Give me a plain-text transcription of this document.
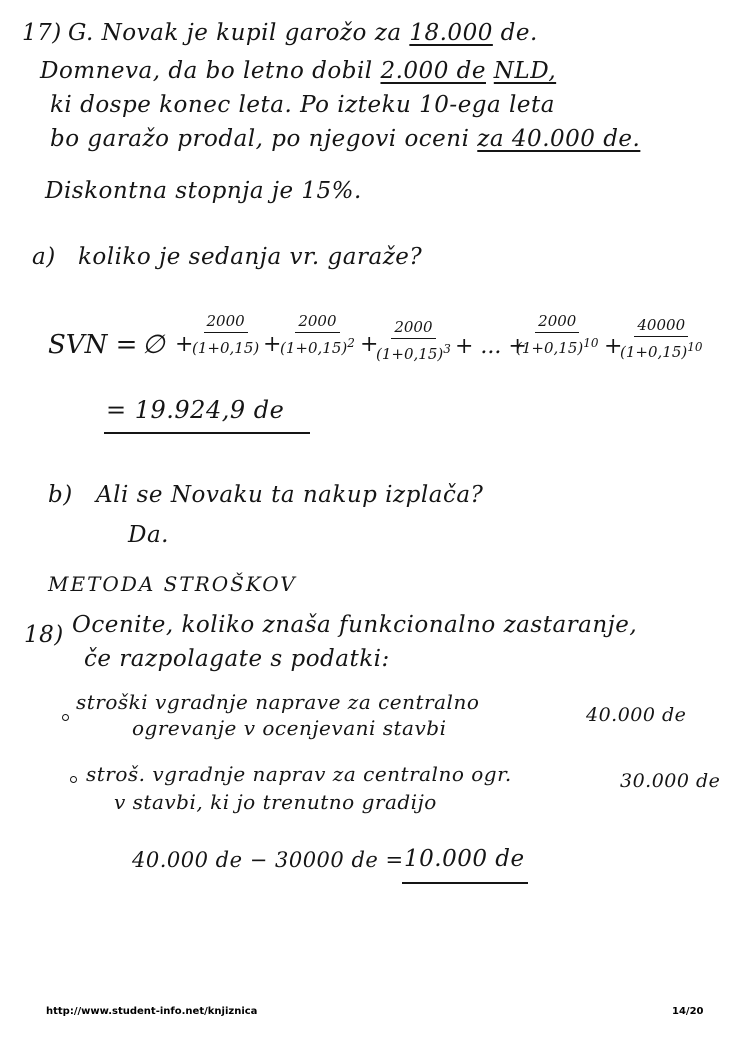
17) G. Novak je kupil garožo za 18.000 de.
Domneva, da bo letno dobil 2.000 de NLD,
ki dospe konec leta. Po izteku 10-ega leta
bo garažo prodal, po njegovi oceni za 40.000 de.
Diskontna stopnja je 15%.
a) koliko je sedanja vr. garaže?
SVN = ∅ +
$\frac{2000}{(1+0,15)}$ +
$\frac{2000}{(1+0,15)^2}$ +
$\frac{2000}{(1+0,15)^3}$ + ... +
$\frac{2000}{(1+0,15)^{10}}$ +
$\frac{40000}{(1+0,15)^{10}}$
= 19.924,9 de
b) Ali se Novaku ta nakup izplača?
Da.
METODA STROŠKOV
18) Ocenite, koliko znaša funkcionalno zastaranje,
če razpolagate s podatki:
stroški vgradnje naprave za centralno
ogrevanje v ocenjevani stavbi
40.000 de
stroš. vgradnje naprav za centralno ogr.
v stavbi, ki jo trenutno gradijo
30.000 de
40.000 de − 30000 de = 10.000 de
http://www.student-info.net/knjiznica	14/20
